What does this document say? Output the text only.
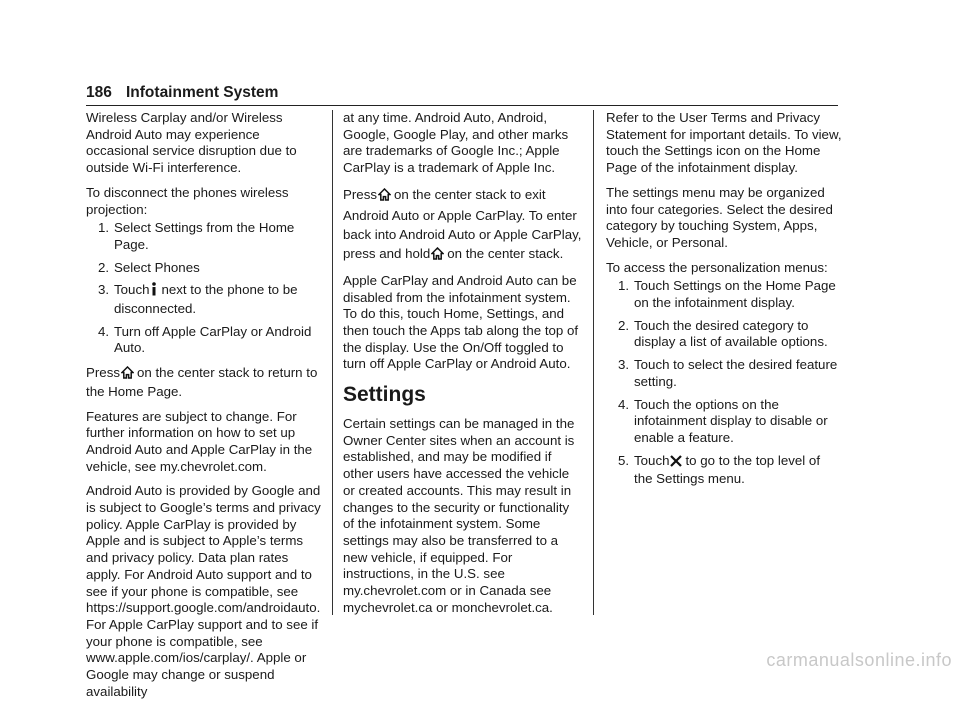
186 Infotainment System

Wireless Carplay and/or Wireless Android Auto may experience occasional service disruption due to outside Wi-Fi interference.

To disconnect the phones wireless projection:

1. Select Settings from the Home Page.
2. Select Phones
3. Touch next to the phone to be disconnected.
4. Turn off Apple CarPlay or Android Auto.

Press on the center stack to return to the Home Page.

Features are subject to change. For further information on how to set up Android Auto and Apple CarPlay in the vehicle, see my.chevrolet.com.

Android Auto is provided by Google and is subject to Google’s terms and privacy policy. Apple CarPlay is provided by Apple and is subject to Apple’s terms and privacy policy. Data plan rates apply. For Android Auto support and to see if your phone is compatible, see https://support.google.com/androidauto. For Apple CarPlay support and to see if your phone is compatible, see www.apple.com/ios/carplay/. Apple or Google may change or suspend availability

at any time. Android Auto, Android, Google, Google Play, and other marks are trademarks of Google Inc.; Apple CarPlay is a trademark of Apple Inc.

Press on the center stack to exit Android Auto or Apple CarPlay. To enter back into Android Auto or Apple CarPlay, press and hold on the center stack.

Apple CarPlay and Android Auto can be disabled from the infotainment system. To do this, touch Home, Settings, and then touch the Apps tab along the top of the display. Use the On/Off toggled to turn off Apple CarPlay or Android Auto.

Settings

Certain settings can be managed in the Owner Center sites when an account is established, and may be modified if other users have accessed the vehicle or created accounts. This may result in changes to the security or functionality of the infotainment system. Some settings may also be transferred to a new vehicle, if equipped. For instructions, in the U.S. see my.chevrolet.com or in Canada see mychevrolet.ca or monchevrolet.ca.

Refer to the User Terms and Privacy Statement for important details. To view, touch the Settings icon on the Home Page of the infotainment display.

The settings menu may be organized into four categories. Select the desired category by touching System, Apps, Vehicle, or Personal.

To access the personalization menus:

1. Touch Settings on the Home Page on the infotainment display.
2. Touch the desired category to display a list of available options.
3. Touch to select the desired feature setting.
4. Touch the options on the infotainment display to disable or enable a feature.
5. Touch to go to the top level of the Settings menu.
carmanualsonline.info
